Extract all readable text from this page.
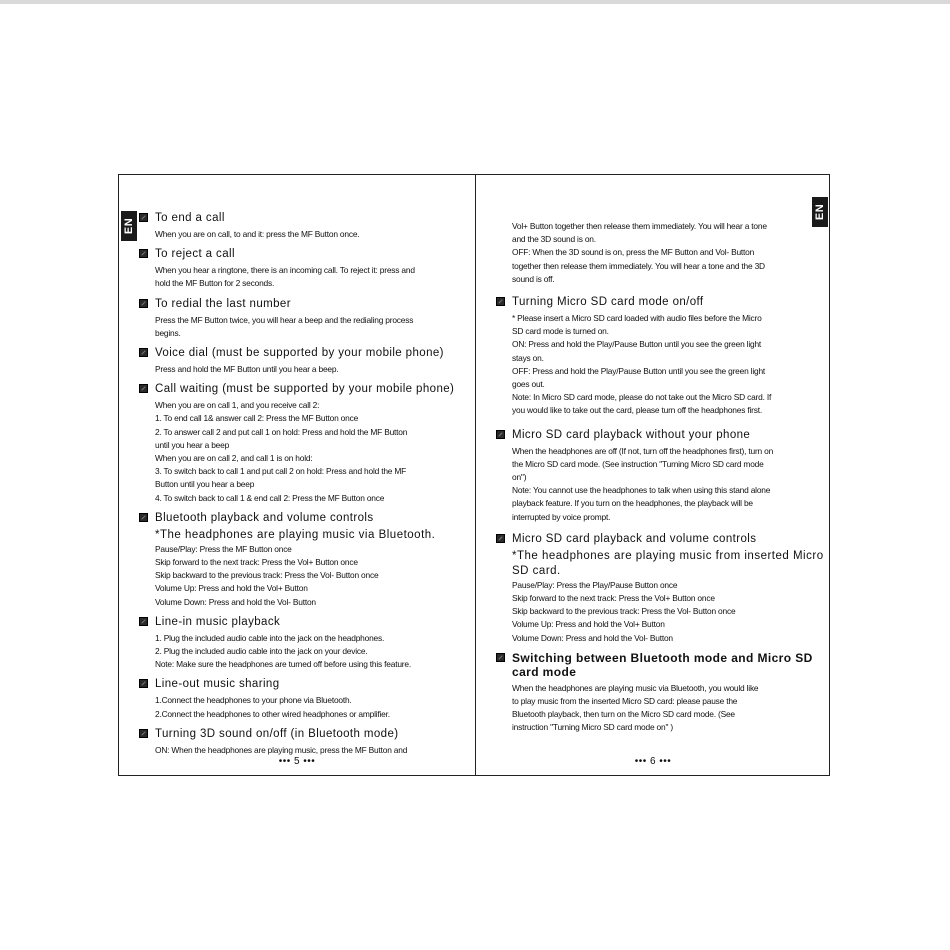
EN To end a call

When you are on call, to and it: press the MF Button once.

To reject a call

When you hear a ringtone, there is an incoming call. To reject it: press and

hold the MF Button for 2 seconds.

To redial the last number

Press the MF Button twice, you will hear a beep and the redialing process

begins.

Voice dial (must be supported by your mobile phone)

Press and hold the MF Button until you hear a beep.

Call waiting (must be supported by your mobile phone)

When you are on call 1, and you receive call 2:

1. To end call 1& answer call 2: Press the MF Button once

2. To answer call 2 and put call 1 on hold: Press and hold the MF Button

until you hear a beep

When you are on call 2, and call 1 is on hold:

3. To switch back to call 1 and put call 2 on hold: Press and hold the MF

Button until you hear a beep

4. To switch back to call 1 & end call 2: Press the MF Button once

Bluetooth playback and volume controls
*The headphones are playing music via Bluetooth.

Pause/Play: Press the MF Button once

Skip forward to the next track: Press the Vol+ Button once

Skip backward to the previous track: Press the Vol- Button once

Volume Up: Press and hold the Vol+ Button

Volume Down: Press and hold the Vol- Button

Line-in music playback

1. Plug the included audio cable into the jack on the headphones.

2. Plug the included audio cable into the jack on your device.

Note: Make sure the headphones are turned off before using this feature.

Line-out music sharing

1.Connect the headphones to your phone via Bluetooth.

2.Connect the headphones to other wired headphones or amplifier.

Turning 3D sound on/off (in Bluetooth mode)

ON: When the headphones are playing music, press the MF Button and

••• 5 •••
EN

Vol+ Button together then release them immediately. You will hear a tone

and the 3D sound is on.

OFF: When the 3D sound is on, press the MF Button and Vol- Button

together then release them immediately. You will hear a tone and the 3D

sound is off.

Turning Micro SD card mode on/off

* Please insert a Micro SD card loaded with audio files before the Micro

SD card mode is turned on.

ON: Press and hold the Play/Pause Button until you see the green light

stays on.

OFF: Press and hold the Play/Pause Button until you see the green light

goes out.

Note: In Micro SD card mode, please do not take out the Micro SD card. If

you would like to take out the card, please turn off the headphones first.

Micro SD card playback without your phone

When the headphones are off (If not, turn off the headphones first), turn on

the Micro SD card mode. (See instruction "Turning Micro SD card mode

on")

Note: You cannot use the headphones to talk when using this stand alone

playback feature. If you turn on the headphones, the playback will be

interrupted by voice prompt.

Micro SD card playback and volume controls
*The headphones are playing music from inserted Micro SD card.

Pause/Play: Press the Play/Pause Button once

Skip forward to the next track: Press the Vol+ Button once

Skip backward to the previous track: Press the Vol- Button once

Volume Up: Press and hold the Vol+ Button

Volume Down: Press and hold the Vol- Button

Switching between Bluetooth mode and Micro SD card mode

When the headphones are playing music via Bluetooth, you would like

to play music from the inserted Micro SD card: please pause the

Bluetooth playback, then turn on the Micro SD card mode. (See

instruction "Turning Micro SD card mode on" )

••• 6 •••
